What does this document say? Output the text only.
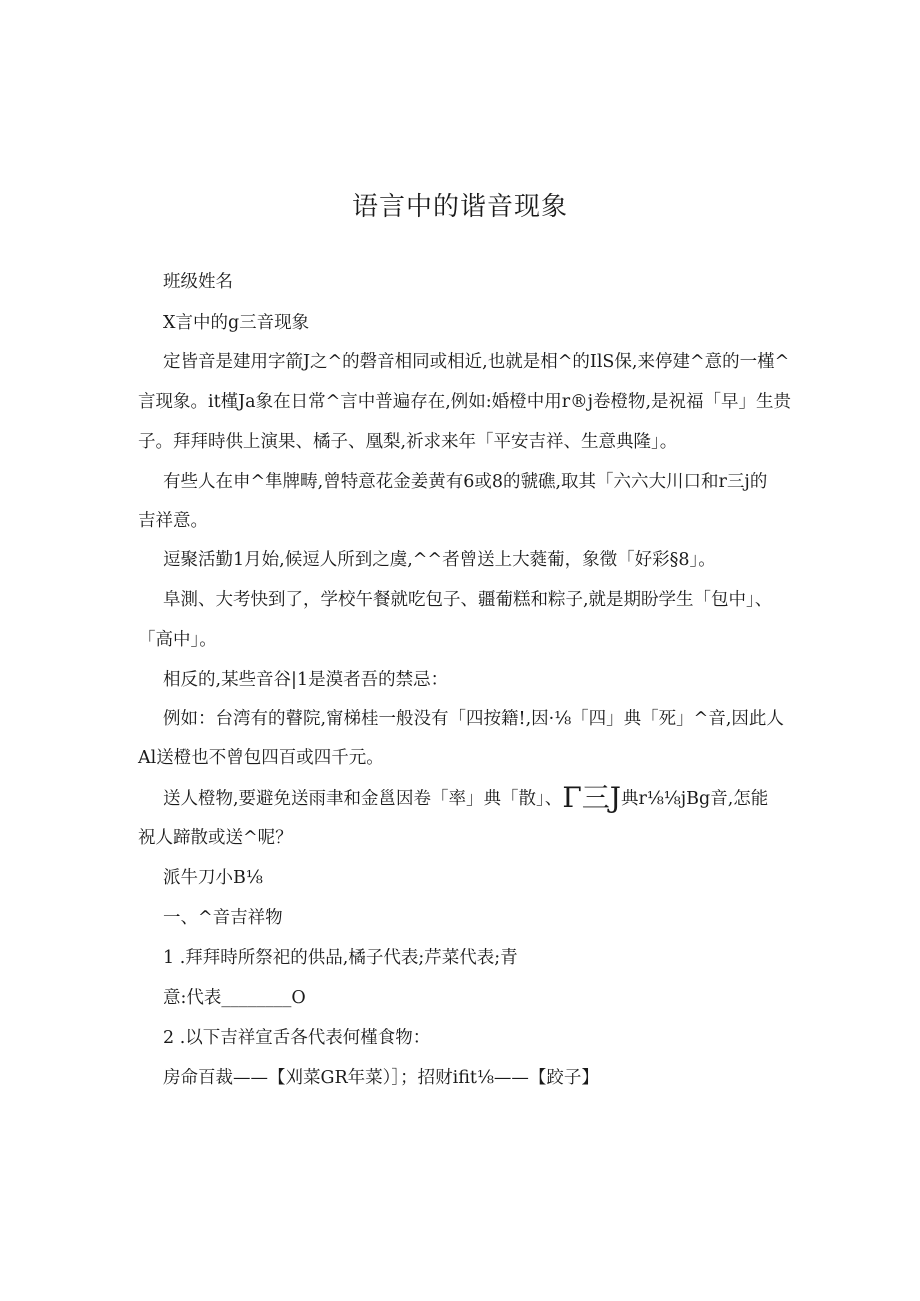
语言中的谐音现象
班级姓名
X言中的g三音现象
定皆音是建用字箭J之^的磬音相同或相近,也就是相^的IlS保,来停建^意的一槿^
言现象。it槿Ja象在日常^言中普遍存在,例如:婚橙中用r®j卷橙物,是祝福「早」生贵
子。拜拜時供上演果、橘子、凰梨,祈求来年「平安吉祥、生意典隆」。
有些人在申^隼牌畴,曾特意花金姜黄有6或8的虢礁,取其「六六大川口和r三j的
吉祥意。
逗聚活勤1月始,候逗人所到之虞,^^者曾送上大蕤葡，象徵「好彩§8」。
阜測、大考快到了，学校午餐就吃包子、疆葡糕和粽子,就是期盼学生「包中」、
「高中」。
相反的,某些音谷|1是漠者吾的禁忌：
例如：台湾有的瞽院,甯梯桂一般没有「四按籍!,因·⅛「四」典「死」^音,因此人
Al送橙也不曾包四百或四千元。
送人橙物,要避免送雨聿和金邕因卷「率」典「散」、Γ三J典r⅛⅛jBg音,怎能
祝人蹄散或送^呢？
派牛刀小B⅛
一、^音吉祥物
1 .拜拜時所祭祀的供品,橘子代表;芹菜代表;青
意:代表________O
2 .以下吉祥宣舌各代表何槿食物：
房命百裁——【刈菜GR年菜）］；招财ifit⅛——【跤子】
